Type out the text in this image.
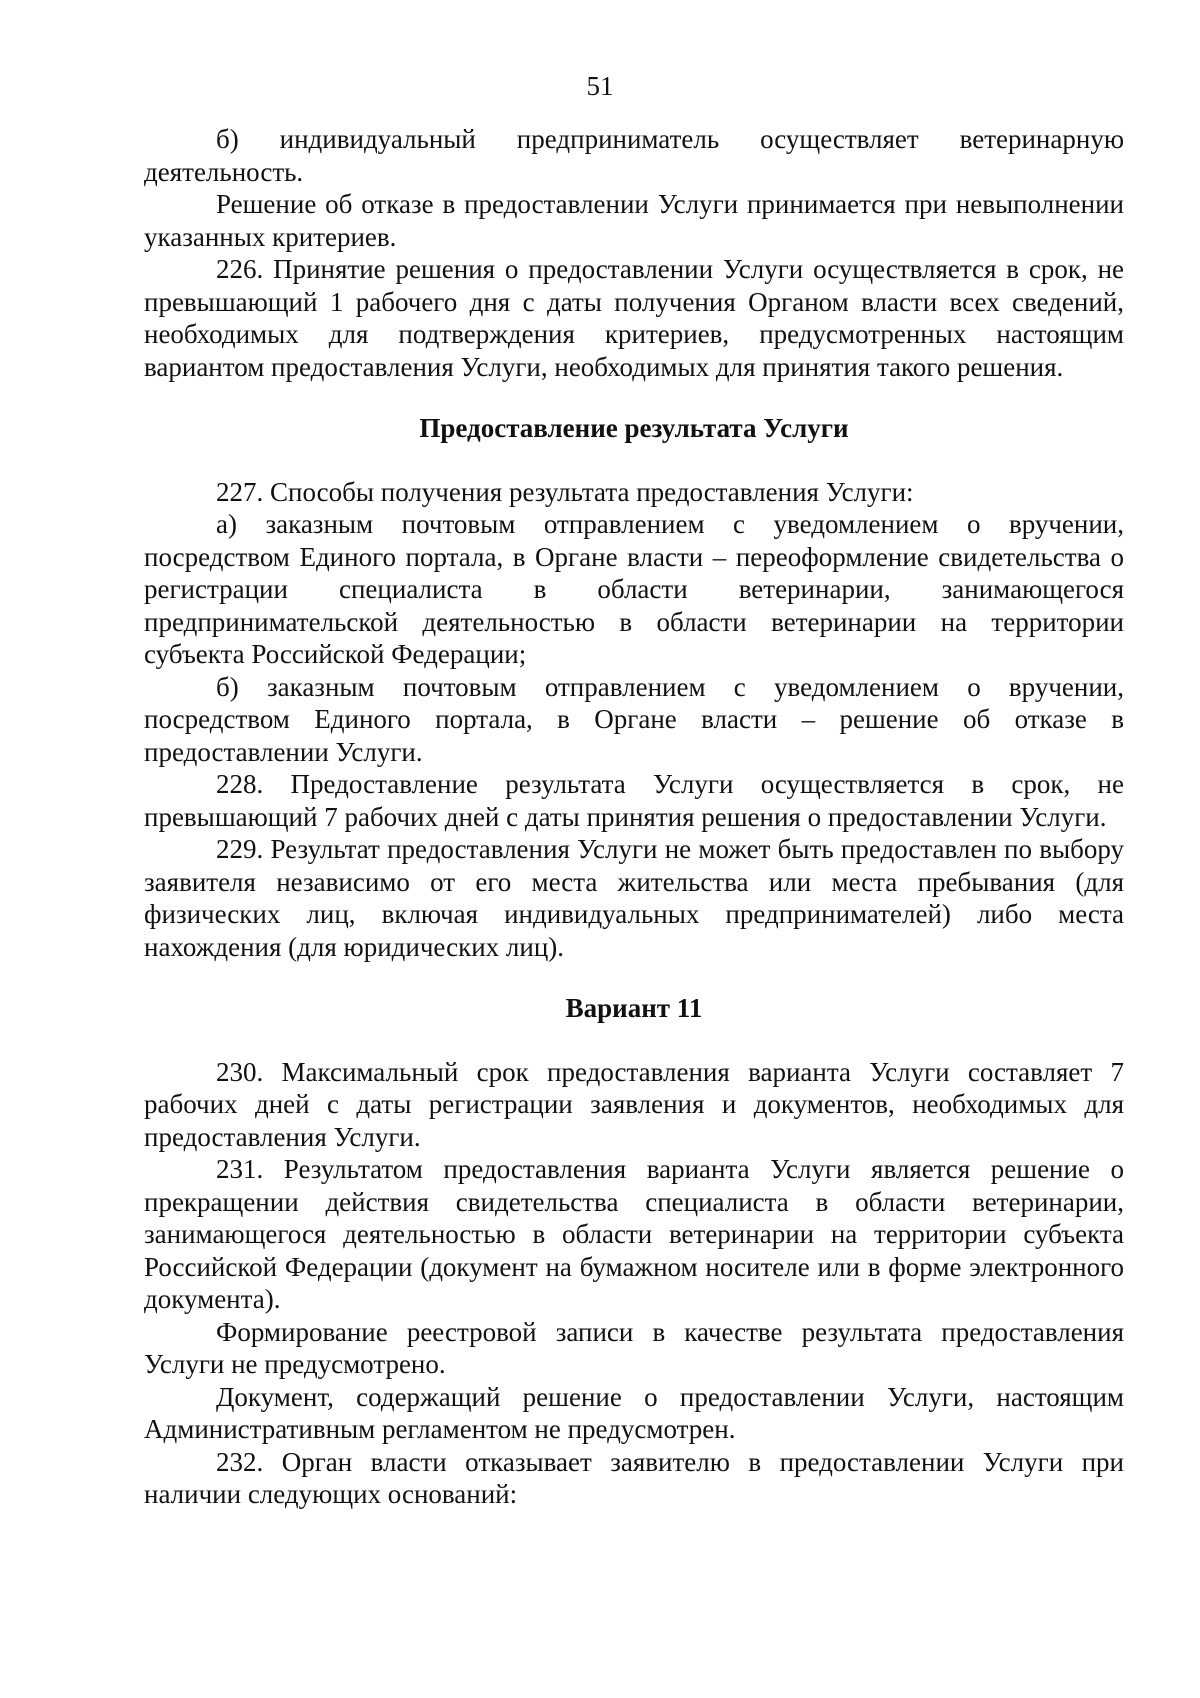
51

б) индивидуальный предприниматель осуществляет ветеринарную деятельность.

Решение об отказе в предоставлении Услуги принимается при невыполнении указанных критериев.

226. Принятие решения о предоставлении Услуги осуществляется в срок, не превышающий 1 рабочего дня с даты получения Органом власти всех сведений, необходимых для подтверждения критериев, предусмотренных настоящим вариантом предоставления Услуги, необходимых для принятия такого решения.

Предоставление результата Услуги

227. Способы получения результата предоставления Услуги:

а) заказным почтовым отправлением с уведомлением о вручении, посредством Единого портала, в Органе власти – переоформление свидетельства о регистрации специалиста в области ветеринарии, занимающегося предпринимательской деятельностью в области ветеринарии на территории субъекта Российской Федерации;

б) заказным почтовым отправлением с уведомлением о вручении, посредством Единого портала, в Органе власти – решение об отказе в предоставлении Услуги.

228. Предоставление результата Услуги осуществляется в срок, не превышающий 7 рабочих дней с даты принятия решения о предоставлении Услуги.

229. Результат предоставления Услуги не может быть предоставлен по выбору заявителя независимо от его места жительства или места пребывания (для физических лиц, включая индивидуальных предпринимателей) либо места нахождения (для юридических лиц).

Вариант 11

230. Максимальный срок предоставления варианта Услуги составляет 7 рабочих дней с даты регистрации заявления и документов, необходимых для предоставления Услуги.

231. Результатом предоставления варианта Услуги является решение о прекращении действия свидетельства специалиста в области ветеринарии, занимающегося деятельностью в области ветеринарии на территории субъекта Российской Федерации (документ на бумажном носителе или в форме электронного документа).

Формирование реестровой записи в качестве результата предоставления Услуги не предусмотрено.

Документ, содержащий решение о предоставлении Услуги, настоящим Административным регламентом не предусмотрен.

232. Орган власти отказывает заявителю в предоставлении Услуги при наличии следующих оснований:
